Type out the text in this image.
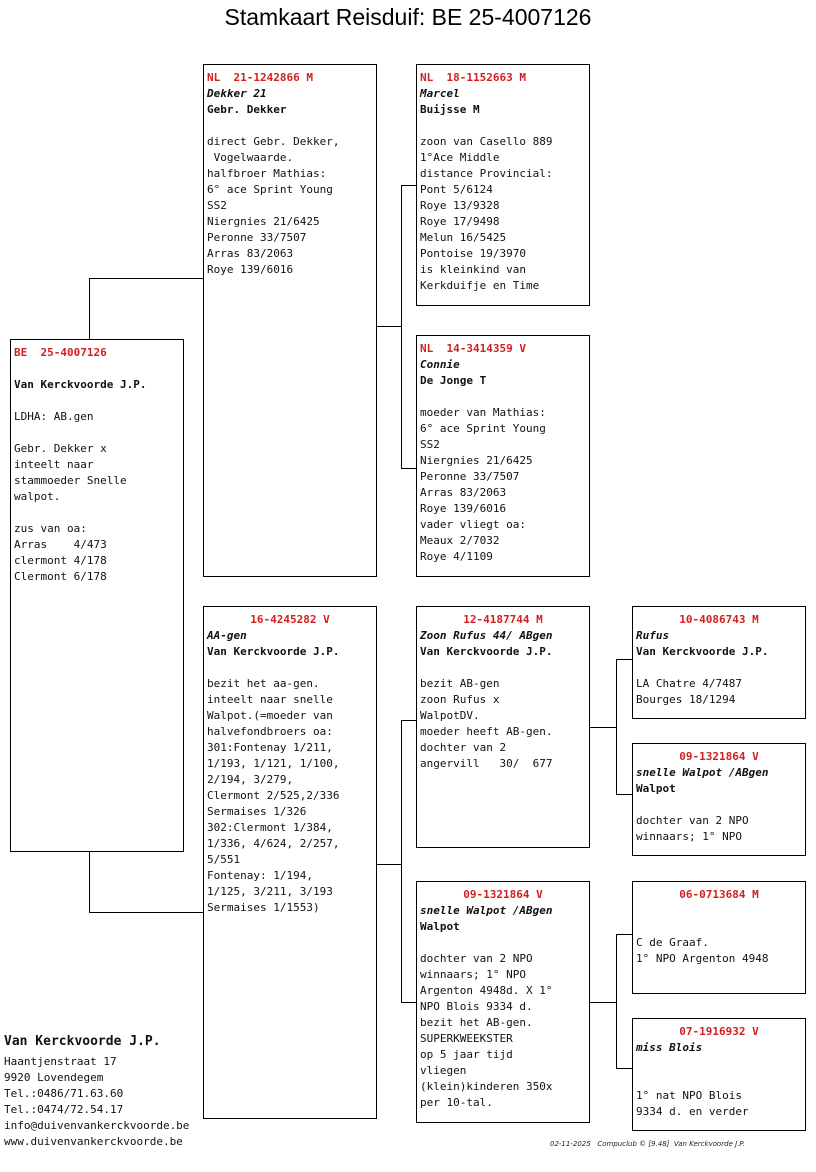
Stamkaart Reisduif: BE 25-4007126
BE  25-4007126
Van Kerckvoorde J.P.
LDHA: AB.gen

Gebr. Dekker x
inteelt naar
stammoeder Snelle
walpot.

zus van oa:
Arras    4/473
clermont 4/178
Clermont 6/178
NL  21-1242866 M
Dekker 21
Gebr. Dekker
direct Gebr. Dekker,
Vogelwaarde.
halfbroer Mathias:
6° ace Sprint Young
SS2
Niergnies 21/6425
Peronne 33/7507
Arras 83/2063
Roye 139/6016
16-4245282 V
AA-gen
Van Kerckvoorde J.P.
bezit het aa-gen.
inteelt naar snelle
Walpot.(=moeder van
halvefondbroers oa:
301:Fontenay 1/211,
1/193, 1/121, 1/100,
2/194, 3/279,
Clermont 2/525,2/336
Sermaises 1/326
302:Clermont 1/384,
1/336, 4/624, 2/257,
5/551
Fontenay: 1/194,
1/125, 3/211, 3/193
Sermaises 1/1553)
NL  18-1152663 M
Marcel
Buijsse M
zoon van Casello 889
1°Ace Middle
distance Provincial:
Pont 5/6124
Roye 13/9328
Roye 17/9498
Melun 16/5425
Pontoise 19/3970
is kleinkind van
Kerkduifje en Time
NL  14-3414359 V
Connie
De Jonge T
moeder van Mathias:
6° ace Sprint Young
SS2
Niergnies 21/6425
Peronne 33/7507
Arras 83/2063
Roye 139/6016
vader vliegt oa:
Meaux 2/7032
Roye 4/1109
12-4187744 M
Zoon Rufus 44/ ABgen
Van Kerckvoorde J.P.
bezit AB-gen
zoon Rufus x
WalpotDV.
moeder heeft AB-gen.
dochter van 2
angervill   30/  677
09-1321864 V
snelle Walpot /ABgen
Walpot
dochter van 2 NPO
winnaars; 1° NPO
Argenton 4948d. X 1°
NPO Blois 9334 d.
bezit het AB-gen.
SUPERKWEEKSTER
op 5 jaar tijd
vliegen
(klein)kinderen 350x
per 10-tal.
10-4086743 M
Rufus
Van Kerckvoorde J.P.
LA Chatre 4/7487
Bourges 18/1294
09-1321864 V
snelle Walpot /ABgen
Walpot
dochter van 2 NPO
winnaars; 1° NPO
06-0713684 M
C de Graaf.
1° NPO Argenton 4948
07-1916932 V
miss Blois
1° nat NPO Blois
9334 d. en verder
Van Kerckvoorde J.P.
Haantjenstraat 17
9920 Lovendegem
Tel.:0486/71.63.60
Tel.:0474/72.54.17
info@duivenvankerckvoorde.be
www.duivenvankerckvoorde.be	02-11-2025   Compuclub © [9.48]  Van Kerckvoorde J.P.
